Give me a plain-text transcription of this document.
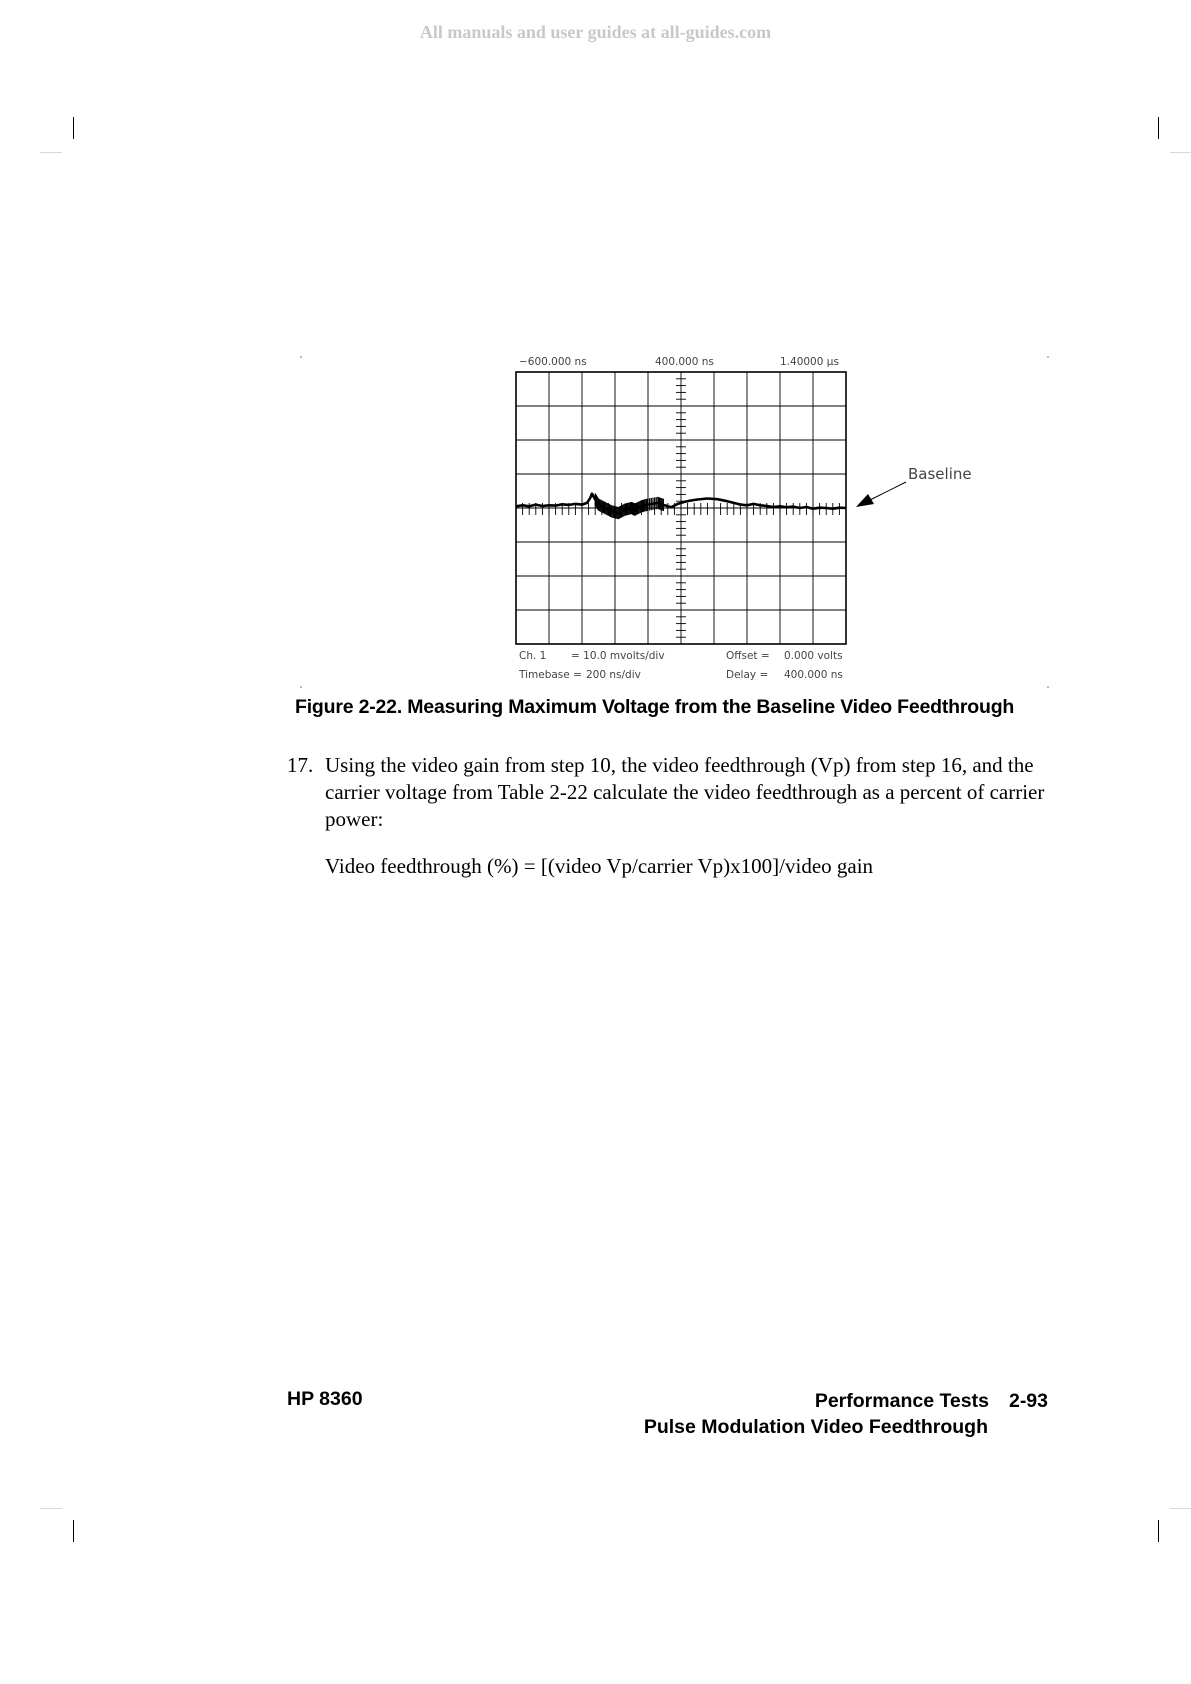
All manuals and user guides at all-guides.com
−600.000 ns	400.000 ns	1.40000 μs
Ch. 1 = 10.0 mvolts/div	Offset = 0.000 volts
Timebase = 200 ns/div	Delay = 400.000 ns
Baseline
Figure 2-22. Measuring Maximum Voltage from the Baseline Video Feedthrough
17. Using the video gain from step 10, the video feedthrough (Vp) from step 16, and the carrier voltage from Table 2-22 calculate the video feedthrough as a percent of carrier power:
Video feedthrough (%) = [(video Vp/carrier Vp)x100]/video gain
HP 8360	Performance Tests 2-93
Pulse Modulation Video Feedthrough
